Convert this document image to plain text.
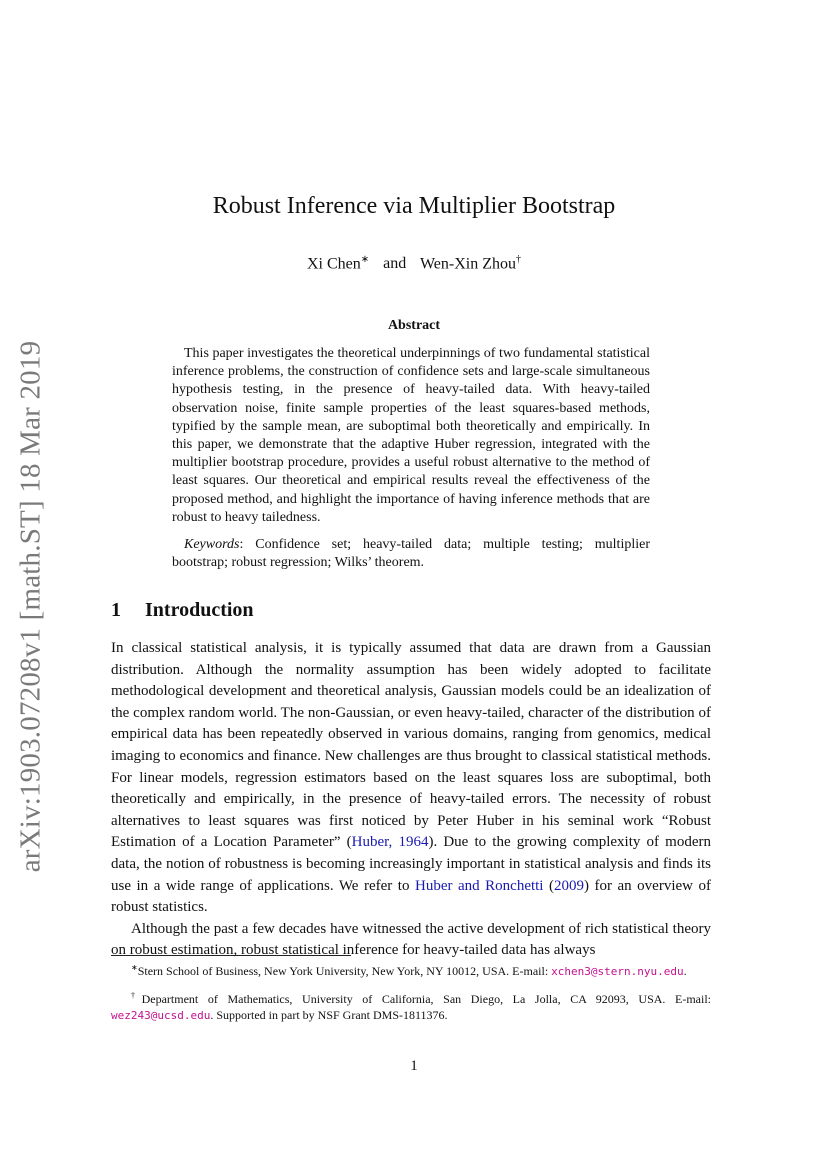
arXiv:1903.07208v1 [math.ST] 18 Mar 2019
Robust Inference via Multiplier Bootstrap
Xi Chen∗ and Wen-Xin Zhou†
Abstract
This paper investigates the theoretical underpinnings of two fundamental statistical inference problems, the construction of confidence sets and large-scale simultaneous hypothesis testing, in the presence of heavy-tailed data. With heavy-tailed observation noise, finite sample properties of the least squares-based methods, typified by the sample mean, are suboptimal both theoretically and empirically. In this paper, we demonstrate that the adaptive Huber regression, integrated with the multiplier bootstrap procedure, provides a useful robust alternative to the method of least squares. Our theoretical and empirical results reveal the effectiveness of the proposed method, and highlight the importance of having inference methods that are robust to heavy tailedness.
Keywords: Confidence set; heavy-tailed data; multiple testing; multiplier bootstrap; robust regression; Wilks’ theorem.
1 Introduction

In classical statistical analysis, it is typically assumed that data are drawn from a Gaussian distribution. Although the normality assumption has been widely adopted to facilitate methodological development and theoretical analysis, Gaussian models could be an idealization of the complex random world. The non-Gaussian, or even heavy-tailed, character of the distribution of empirical data has been repeatedly observed in various domains, ranging from genomics, medical imaging to economics and finance. New challenges are thus brought to classical statistical methods. For linear models, regression estimators based on the least squares loss are suboptimal, both theoretically and empirically, in the presence of heavy-tailed errors. The necessity of robust alternatives to least squares was first noticed by Peter Huber in his seminal work “Robust Estimation of a Location Parameter” (Huber, 1964). Due to the growing complexity of modern data, the notion of robustness is becoming increasingly important in statistical analysis and finds its use in a wide range of applications. We refer to Huber and Ronchetti (2009) for an overview of robust statistics.

Although the past a few decades have witnessed the active development of rich statistical theory on robust estimation, robust statistical inference for heavy-tailed data has always

∗Stern School of Business, New York University, New York, NY 10012, USA. E-mail: xchen3@stern.nyu.edu.

†Department of Mathematics, University of California, San Diego, La Jolla, CA 92093, USA. E-mail: wez243@ucsd.edu. Supported in part by NSF Grant DMS-1811376.

1
